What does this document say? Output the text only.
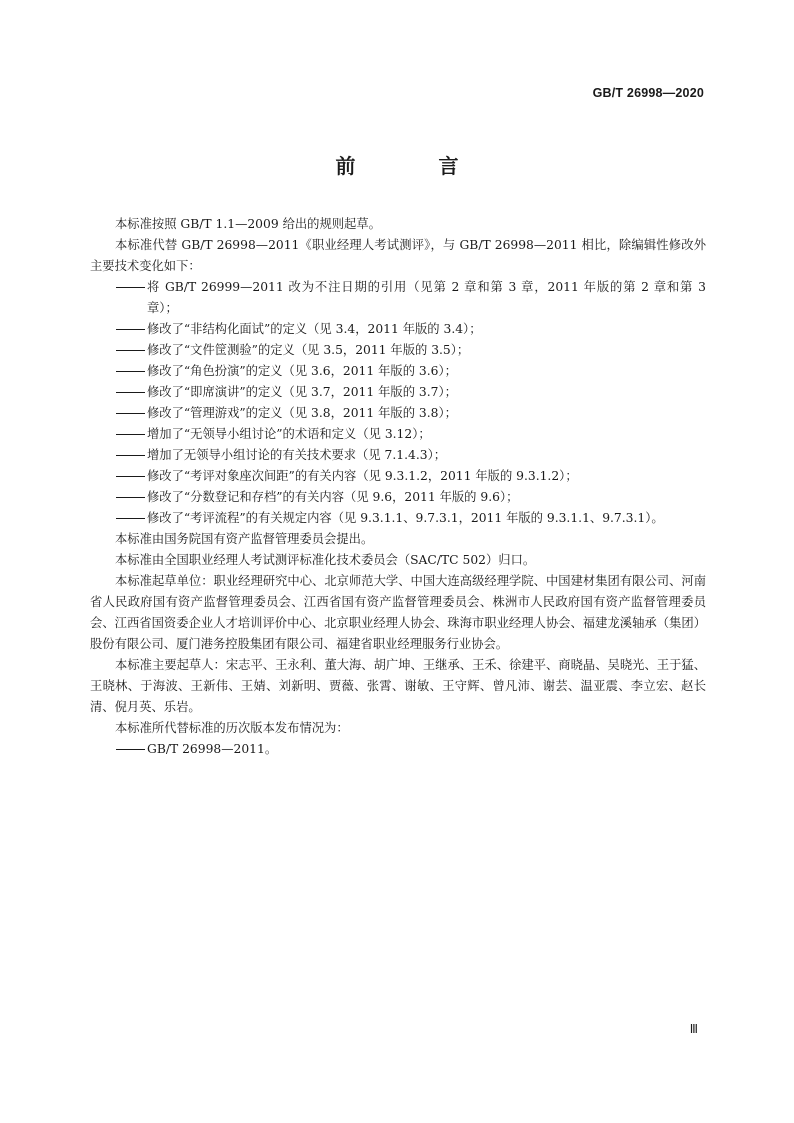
GB/T 26998—2020
前 言

本标准按照 GB/T 1.1—2009 给出的规则起草。

本标准代替 GB/T 26998—2011《职业经理人考试测评》，与 GB/T 26998—2011 相比，除编辑性修改外主要技术变化如下：

将 GB/T 26999—2011 改为不注日期的引用（见第 2 章和第 3 章，2011 年版的第 2 章和第 3 章）；

修改了“非结构化面试”的定义（见 3.4，2011 年版的 3.4）；

修改了“文件筐测验”的定义（见 3.5，2011 年版的 3.5）；

修改了“角色扮演”的定义（见 3.6，2011 年版的 3.6）；

修改了“即席演讲”的定义（见 3.7，2011 年版的 3.7）；

修改了“管理游戏”的定义（见 3.8，2011 年版的 3.8）；

增加了“无领导小组讨论”的术语和定义（见 3.12）；

增加了无领导小组讨论的有关技术要求（见 7.1.4.3）；

修改了“考评对象座次间距”的有关内容（见 9.3.1.2，2011 年版的 9.3.1.2）；

修改了“分数登记和存档”的有关内容（见 9.6，2011 年版的 9.6）；

修改了“考评流程”的有关规定内容（见 9.3.1.1、9.7.3.1，2011 年版的 9.3.1.1、9.7.3.1）。

本标准由国务院国有资产监督管理委员会提出。

本标准由全国职业经理人考试测评标准化技术委员会（SAC/TC 502）归口。

本标准起草单位：职业经理研究中心、北京师范大学、中国大连高级经理学院、中国建材集团有限公司、河南省人民政府国有资产监督管理委员会、江西省国有资产监督管理委员会、株洲市人民政府国有资产监督管理委员会、江西省国资委企业人才培训评价中心、北京职业经理人协会、珠海市职业经理人协会、福建龙溪轴承（集团）股份有限公司、厦门港务控股集团有限公司、福建省职业经理服务行业协会。

本标准主要起草人：宋志平、王永利、董大海、胡广坤、王继承、王禾、徐建平、商晓晶、吴晓光、王于猛、王晓林、于海波、王新伟、王婧、刘新明、贾薇、张霄、谢敏、王守辉、曾凡沛、谢芸、温亚震、李立宏、赵长清、倪月英、乐岩。

本标准所代替标准的历次版本发布情况为：

GB/T 26998—2011。

Ⅲ
